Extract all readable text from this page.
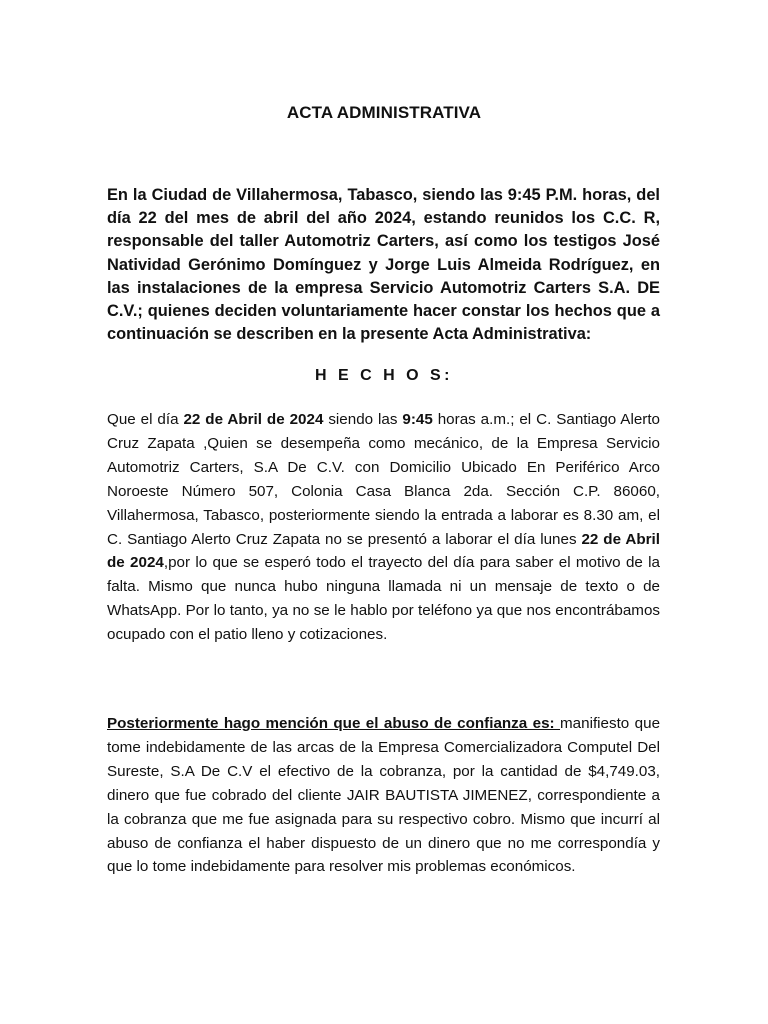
ACTA ADMINISTRATIVA
En la Ciudad de Villahermosa, Tabasco, siendo las 9:45 P.M. horas, del día 22 del mes de abril del año 2024, estando reunidos los C.C. R, responsable del taller Automotriz Carters, así como los testigos José Natividad Gerónimo Domínguez y Jorge Luis Almeida Rodríguez, en las instalaciones de la empresa Servicio Automotriz Carters S.A. DE C.V.; quienes deciden voluntariamente hacer constar los hechos que a continuación se describen en la presente Acta Administrativa:
H E C H O S:
Que el día 22 de Abril de 2024 siendo las 9:45 horas a.m.; el C. Santiago Alerto Cruz Zapata ,Quien se desempeña como mecánico, de la Empresa Servicio Automotriz Carters, S.A De C.V. con Domicilio Ubicado En Periférico Arco Noroeste Número 507, Colonia Casa Blanca 2da. Sección C.P. 86060, Villahermosa, Tabasco, posteriormente siendo la entrada a laborar es 8.30 am, el C. Santiago Alerto Cruz Zapata no se presentó a laborar el día lunes 22 de Abril de 2024,por lo que se esperó todo el trayecto del día para saber el motivo de la falta. Mismo que nunca hubo ninguna llamada ni un mensaje de texto o de WhatsApp. Por lo tanto, ya no se le hablo por teléfono ya que nos encontrábamos ocupado con el patio lleno y cotizaciones.
Posteriormente hago mención que el abuso de confianza es: manifiesto que tome indebidamente de las arcas de la Empresa Comercializadora Computel Del Sureste, S.A De C.V el efectivo de la cobranza, por la cantidad de $4,749.03, dinero que fue cobrado del cliente JAIR BAUTISTA JIMENEZ, correspondiente a la cobranza que me fue asignada para su respectivo cobro. Mismo que incurrí al abuso de confianza el haber dispuesto de un dinero que no me correspondía y que lo tome indebidamente para resolver mis problemas económicos.
